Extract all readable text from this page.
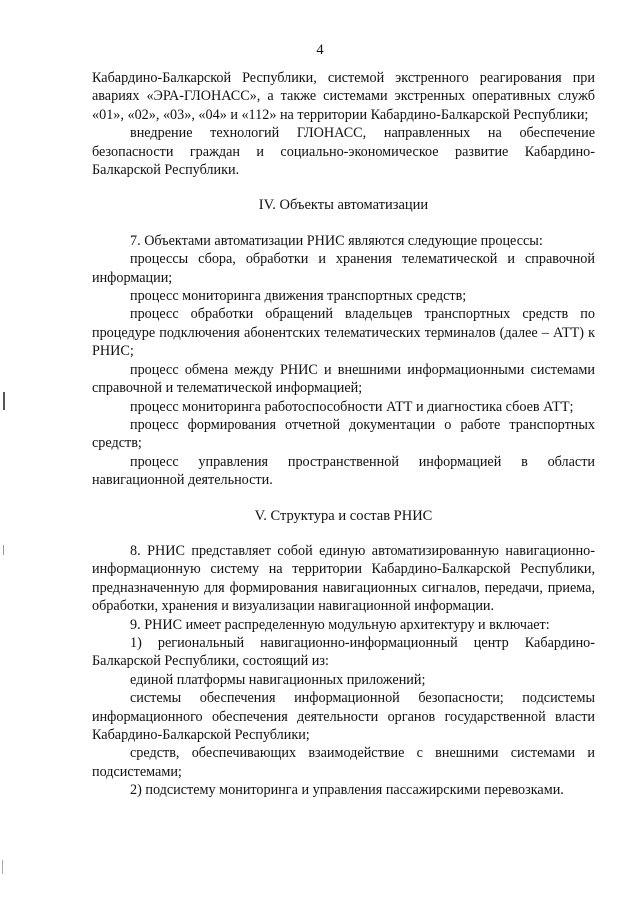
4

Кабардино-Балкарской Республики, системой экстренного реагирования при авариях «ЭРА-ГЛОНАСС», а также системами экстренных оперативных служб «01», «02», «03», «04» и «112» на территории Кабардино-Балкарской Республики;

внедрение технологий ГЛОНАСС, направленных на обеспечение безопасности граждан и социально-экономическое развитие Кабардино-Балкарской Республики.

IV. Объекты автоматизации

7. Объектами автоматизации РНИС являются следующие процессы:

процессы сбора, обработки и хранения телематической и справочной информации;

процесс мониторинга движения транспортных средств;

процесс обработки обращений владельцев транспортных средств по процедуре подключения абонентских телематических терминалов (далее – АТТ) к РНИС;

процесс обмена между РНИС и внешними информационными системами справочной и телематической информацией;

процесс мониторинга работоспособности АТТ и диагностика сбоев АТТ;

процесс формирования отчетной документации о работе транспортных средств;

процесс управления пространственной информацией в области навигационной деятельности.

V. Структура и состав РНИС

8. РНИС представляет собой единую автоматизированную навигационно-информационную систему на территории Кабардино-Балкарской Республики, предназначенную для формирования навигационных сигналов, передачи, приема, обработки, хранения и визуализации навигационной информации.

9. РНИС имеет распределенную модульную архитектуру и включает:

1) региональный навигационно-информационный центр Кабардино-Балкарской Республики, состоящий из:

единой платформы навигационных приложений;

системы обеспечения информационной безопасности; подсистемы информационного обеспечения деятельности органов государственной власти Кабардино-Балкарской Республики;

средств, обеспечивающих взаимодействие с внешними системами и подсистемами;

2) подсистему мониторинга и управления пассажирскими перевозками.
